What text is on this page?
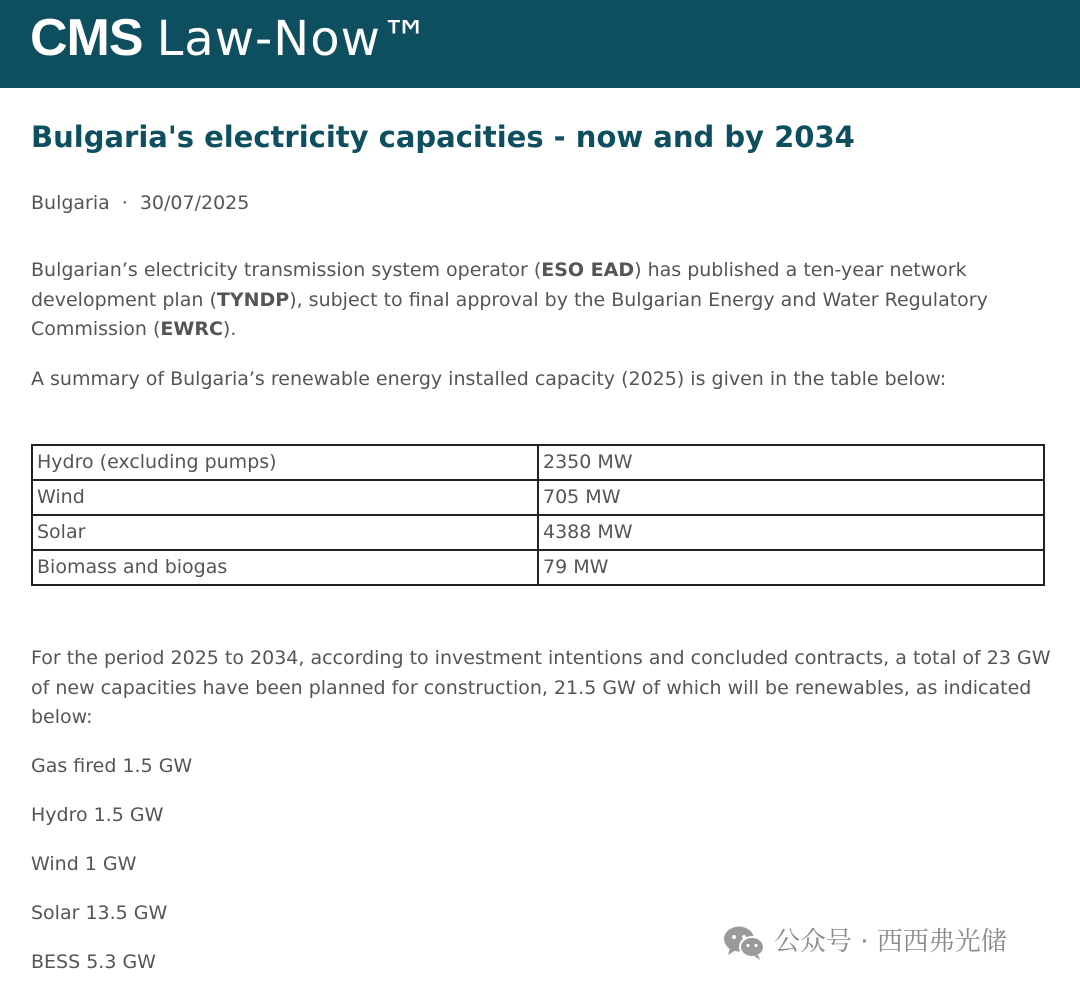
CMS Law-Now™
Bulgaria's electricity capacities - now and by 2034
Bulgaria · 30/07/2025

Bulgarian’s electricity transmission system operator (ESO EAD) has published a ten-year network development plan (TYNDP), subject to final approval by the Bulgarian Energy and Water Regulatory Commission (EWRC).

A summary of Bulgaria’s renewable energy installed capacity (2025) is given in the table below:

Hydro (excluding pumps)	2350 MW
Wind	705 MW
Solar	4388 MW
Biomass and biogas	79 MW

For the period 2025 to 2034, according to investment intentions and concluded contracts, a total of 23 GW of new capacities have been planned for construction, 21.5 GW of which will be renewables, as indicated below:

Gas fired 1.5 GW

Hydro 1.5 GW

Wind 1 GW

Solar 13.5 GW

BESS 5.3 GW

公众号 · 西西弗光储
